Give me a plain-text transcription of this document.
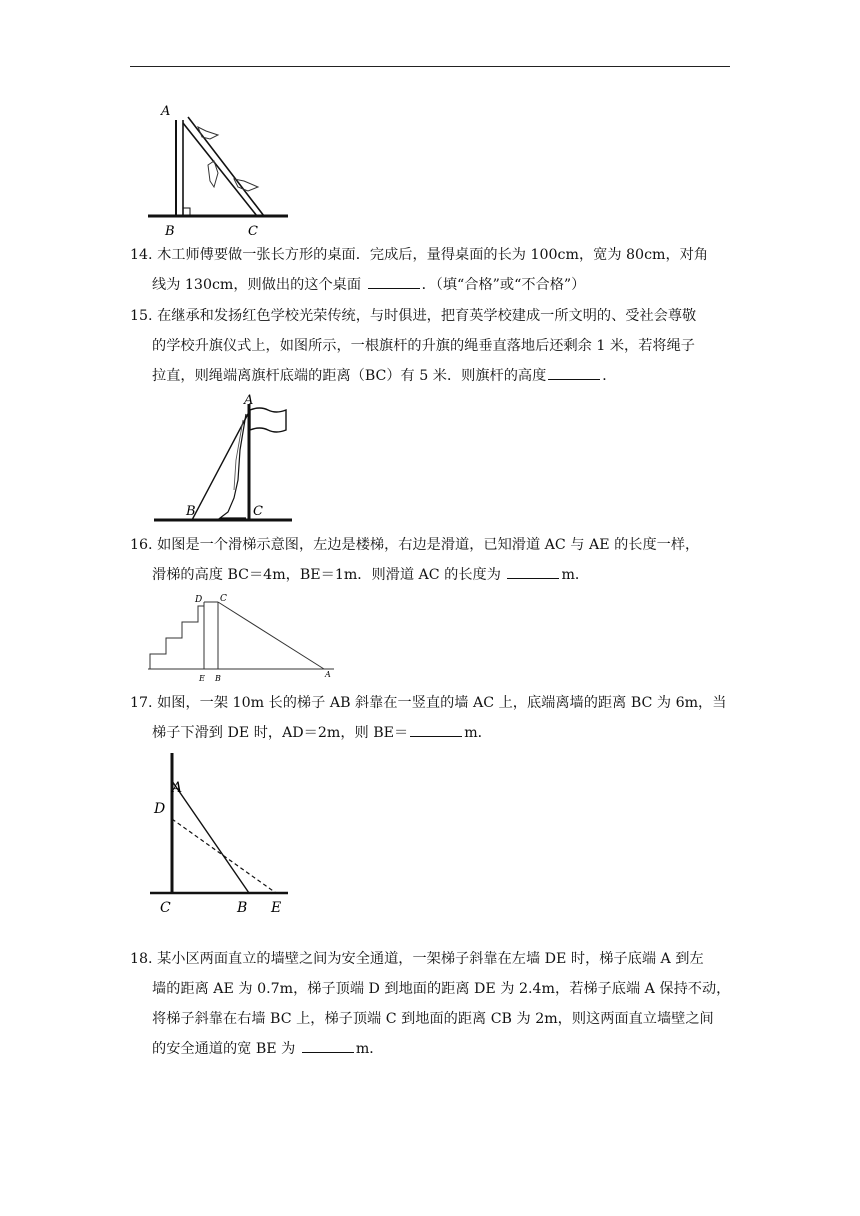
A
B	C
14. 木工师傅要做一张长方形的桌面．完成后，量得桌面的长为 100cm，宽为 80cm，对角
线为 130cm，则做出的这个桌面	．（填“合格”或“不合格”）
15. 在继承和发扬红色学校光荣传统，与时俱进，把育英学校建成一所文明的、受社会尊敬
的学校升旗仪式上，如图所示，一根旗杆的升旗的绳垂直落地后还剩余 1 米，若将绳子
拉直，则绳端离旗杆底端的距离（BC）有 5 米．则旗杆的高度	．
A
B	C
16. 如图是一个滑梯示意图，左边是楼梯，右边是滑道，已知滑道 AC 与 AE 的长度一样，
滑梯的高度 BC＝4m，BE＝1m．则滑道 AC 的长度为	m．
D C
E B	A
17. 如图，一架 10m 长的梯子 AB 斜靠在一竖直的墙 AC 上，底端离墙的距离 BC 为 6m，当
梯子下滑到 DE 时，AD＝2m，则 BE＝	m．
A
D
C	B E
18. 某小区两面直立的墙壁之间为安全通道，一架梯子斜靠在左墙 DE 时，梯子底端 A 到左
墙的距离 AE 为 0.7m，梯子顶端 D 到地面的距离 DE 为 2.4m，若梯子底端 A 保持不动，
将梯子斜靠在右墙 BC 上，梯子顶端 C 到地面的距离 CB 为 2m，则这两面直立墙壁之间
的安全通道的宽 BE 为	m．
